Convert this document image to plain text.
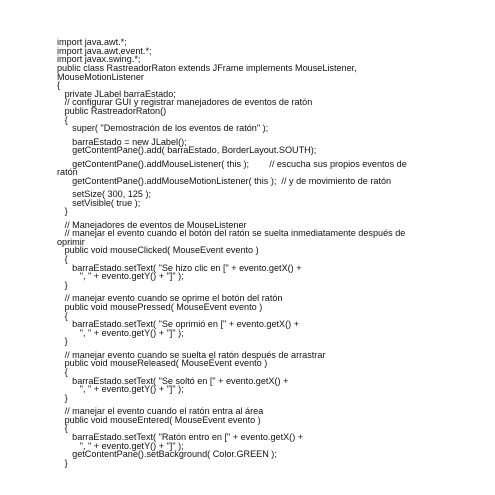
import java.awt.*;
import java.awt.event.*;
import javax.swing.*;
public class RastreadorRaton extends JFrame implements MouseListener,
MouseMotionListener
{
private JLabel barraEstado;
// configurar GUI y registrar manejadores de eventos de ratón
public RastreadorRaton()
{
super( "Demostración de los eventos de ratón" );
barraEstado = new JLabel();
getContentPane().add( barraEstado, BorderLayout.SOUTH);
getContentPane().addMouseListener( this );        // escucha sus propios eventos de
ratón
getContentPane().addMouseMotionListener( this );  // y de movimiento de ratón
setSize( 300, 125 );
setVisible( true );
}
// Manejadores de eventos de MouseListener
// manejar el evento cuando el botón del ratón se suelta inmediatamente después de
oprimir
public void mouseClicked( MouseEvent evento )
{
barraEstado.setText( "Se hizo clic en [" + evento.getX() +
", " + evento.getY() + "]" );
}
// manejar evento cuando se oprime el botón del ratón
public void mousePressed( MouseEvent evento )
{
barraEstado.setText( "Se oprimió en [" + evento.getX() +
", " + evento.getY() + "]" );
}
// manejar evento cuando se suelta el ratón después de arrastrar
public void mouseReleased( MouseEvent evento )
{
barraEstado.setText( "Se soltó en [" + evento.getX() +
", " + evento.getY() + "]" );
}
// manejar el evento cuando el ratón entra al área
public void mouseEntered( MouseEvent evento )
{
barraEstado.setText( "Ratón entro en [" + evento.getX() +
", " + evento.getY() + "]" );
getContentPane().setBackground( Color.GREEN );
}
